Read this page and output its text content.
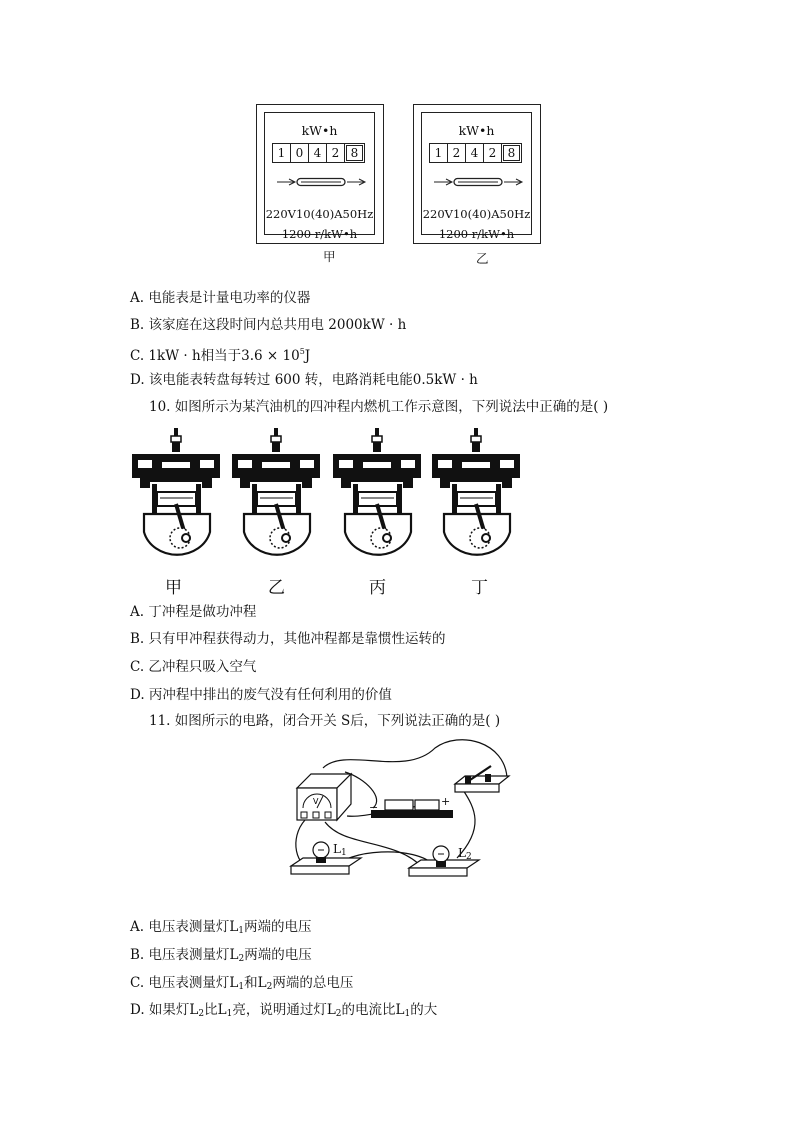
kW•h
1 0 4 2 8
220V10(40)A50Hz
1200 r/kW•h
甲
kW•h
1 2 4 2 8
220V10(40)A50Hz
1200 r/kW•h
乙
A. 电能表是计量电功率的仪器
B. 该家庭在这段时间内总共用电 2000kW · h
C. 1kW · h相当于$3.6 \times 10^5J$
D. 该电能表转盘每转过 600 转，电路消耗电能0.5kW · h
10. 如图所示为某汽油机的四冲程内燃机工作示意图，下列说法中正确的是( )
甲	乙	丙	丁
A. 丁冲程是做功冲程
B. 只有甲冲程获得动力，其他冲程都是靠惯性运转的
C. 乙冲程只吸入空气
D. 丙冲程中排出的废气没有任何利用的价值
11. 如图所示的电路，闭合开关 S后，下列说法正确的是( )
V	−	+
$L_1$	$L_2$
A. 电压表测量灯$L_1$两端的电压
B. 电压表测量灯$L_2$两端的电压
C. 电压表测量灯$L_1$和$L_2$两端的总电压
D. 如果灯$L_2$比$L_1$亮，说明通过灯$L_2$的电流比$L_1$的大
